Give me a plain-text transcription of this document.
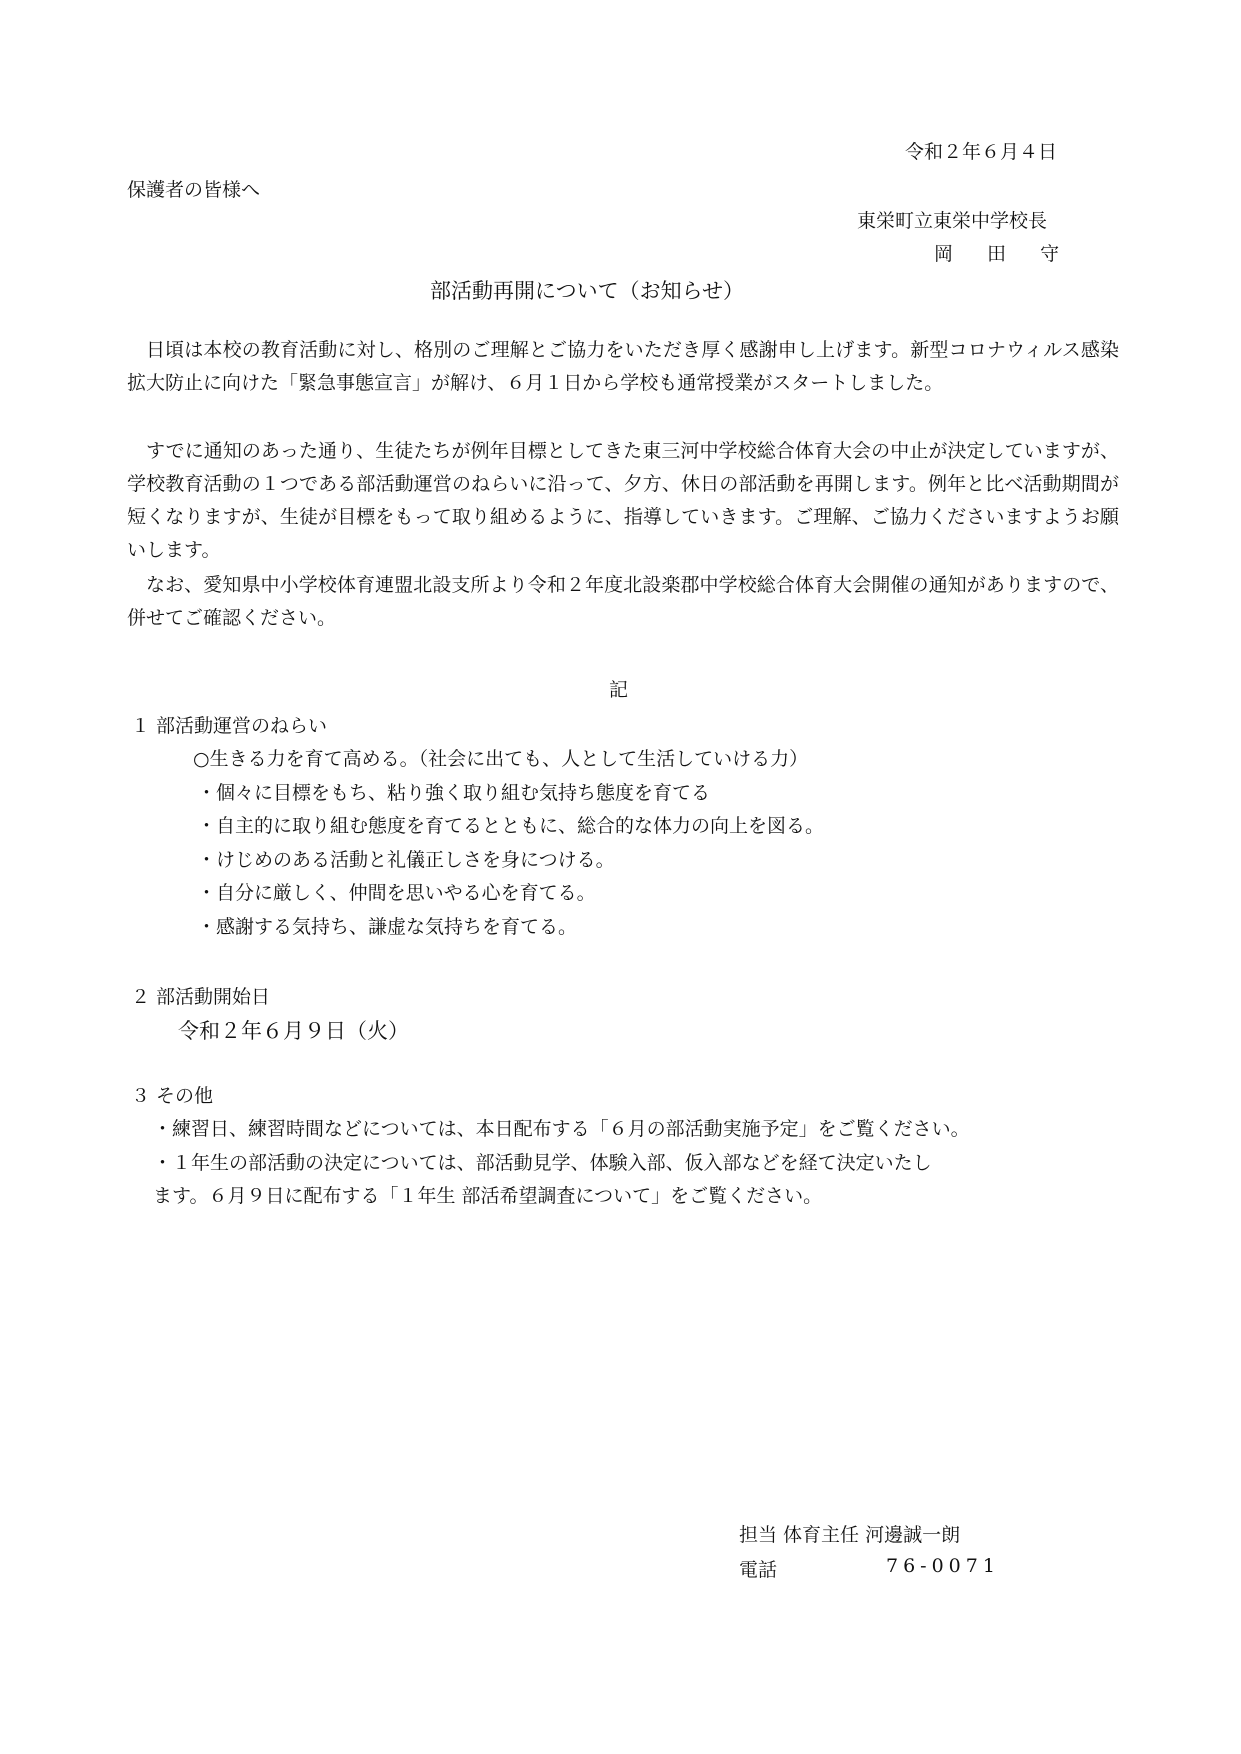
令和２年６月４日
保護者の皆様へ
東栄町立東栄中学校長
岡 田 守
部活動再開について（お知らせ）

日頃は本校の教育活動に対し、格別のご理解とご協力をいただき厚く感謝申し上げます。新型コロナウィルス感染拡大防止に向けた「緊急事態宣言」が解け、６月１日から学校も通常授業がスタートしました。

すでに通知のあった通り、生徒たちが例年目標としてきた東三河中学校総合体育大会の中止が決定していますが、学校教育活動の１つである部活動運営のねらいに沿って、夕方、休日の部活動を再開します。例年と比べ活動期間が短くなりますが、生徒が目標をもって取り組めるように、指導していきます。ご理解、ご協力くださいますようお願いします。

なお、愛知県中小学校体育連盟北設支所より令和２年度北設楽郡中学校総合体育大会開催の通知がありますので、併せてご確認ください。

記
１ 部活動運営のねらい
○生きる力を育て高める。（社会に出ても、人として生活していける力）
・個々に目標をもち、粘り強く取り組む気持ち態度を育てる
・自主的に取り組む態度を育てるとともに、総合的な体力の向上を図る。
・けじめのある活動と礼儀正しさを身につける。
・自分に厳しく、仲間を思いやる心を育てる。
・感謝する気持ち、謙虚な気持ちを育てる。
２ 部活動開始日
令和２年６月９日（火）
３ その他
・練習日、練習時間などについては、本日配布する「６月の部活動実施予定」をご覧ください。
・１年生の部活動の決定については、部活動見学、体験入部、仮入部などを経て決定いたし
ます。６月９日に配布する「１年生 部活希望調査について」をご覧ください。
担当 体育主任 河邊誠一朗
電話	76-0071
